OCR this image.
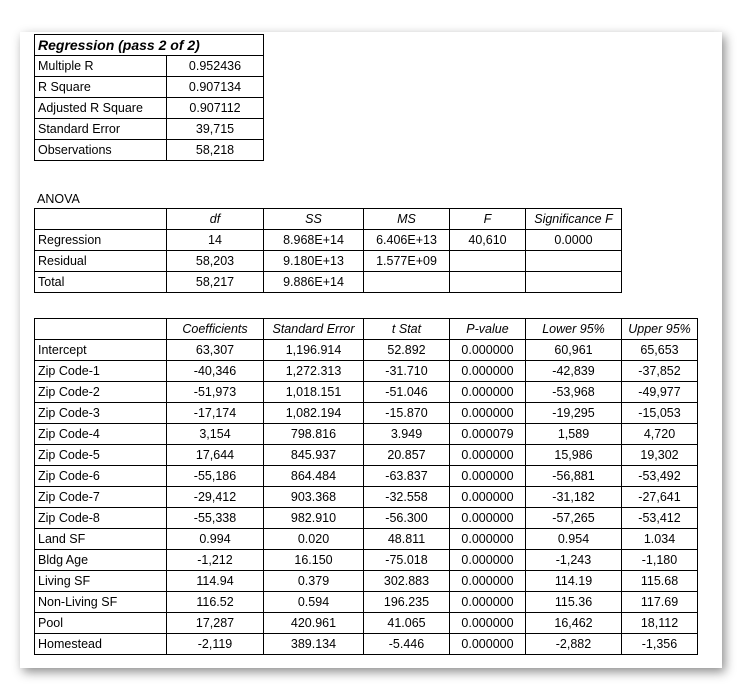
Regression (pass 2 of 2)	
Multiple R	0.952436
R Square	0.907134
Adjusted R Square	0.907112
Standard Error	39,715
Observations	58,218
ANOVA
	df	SS	MS	F	Significance F
Regression	14	8.968E+14	6.406E+13	40,610	0.0000
Residual	58,203	9.180E+13	1.577E+09		
Total	58,217	9.886E+14			
	Coefficients	Standard Error	t Stat	P-value	Lower 95%	Upper 95%
Intercept	63,307	1,196.914	52.892	0.000000	60,961	65,653
Zip Code-1	-40,346	1,272.313	-31.710	0.000000	-42,839	-37,852
Zip Code-2	-51,973	1,018.151	-51.046	0.000000	-53,968	-49,977
Zip Code-3	-17,174	1,082.194	-15.870	0.000000	-19,295	-15,053
Zip Code-4	3,154	798.816	3.949	0.000079	1,589	4,720
Zip Code-5	17,644	845.937	20.857	0.000000	15,986	19,302
Zip Code-6	-55,186	864.484	-63.837	0.000000	-56,881	-53,492
Zip Code-7	-29,412	903.368	-32.558	0.000000	-31,182	-27,641
Zip Code-8	-55,338	982.910	-56.300	0.000000	-57,265	-53,412
Land SF	0.994	0.020	48.811	0.000000	0.954	1.034
Bldg Age	-1,212	16.150	-75.018	0.000000	-1,243	-1,180
Living SF	114.94	0.379	302.883	0.000000	114.19	115.68
Non-Living SF	116.52	0.594	196.235	0.000000	115.36	117.69
Pool	17,287	420.961	41.065	0.000000	16,462	18,112
Homestead	-2,119	389.134	-5.446	0.000000	-2,882	-1,356
